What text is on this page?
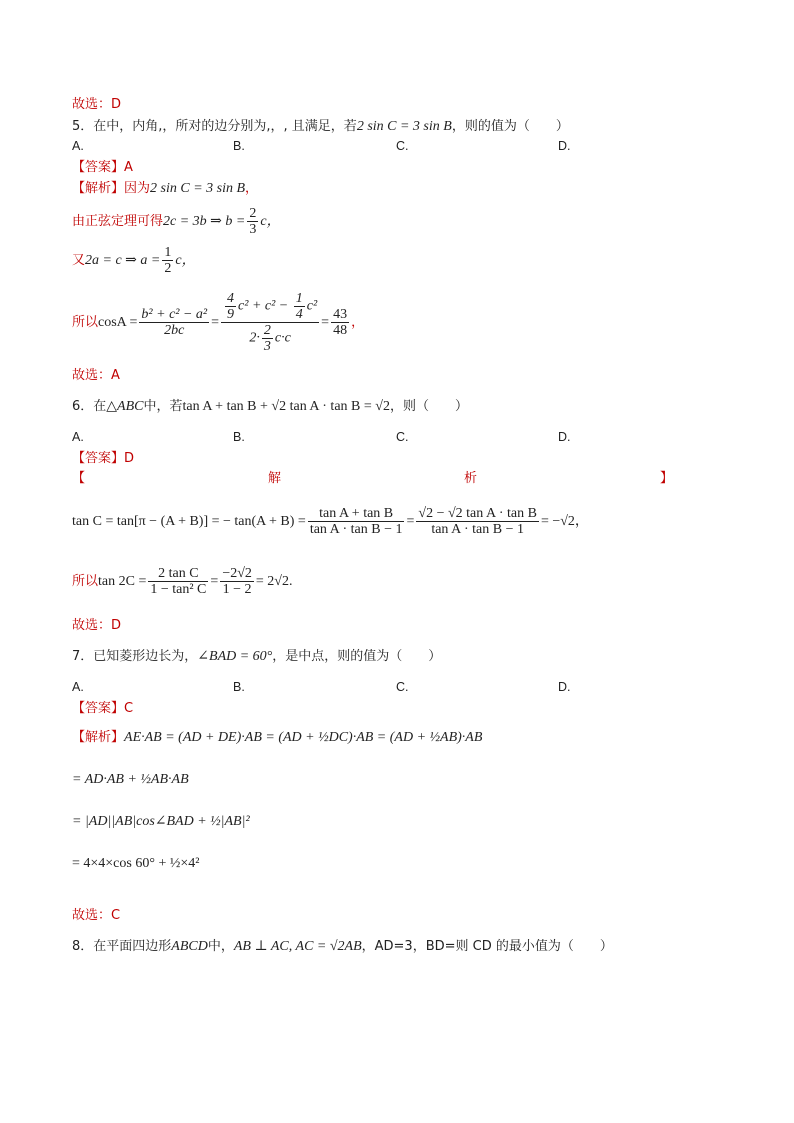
故选：D
5．在中，内角,，所对的边分别为,，, 且满足，若2 sin C = 3 sin B，则的值为（　　）
A.	B.	C.	D.
【答案】A
【解析】因为2 sin C = 3 sin B，
由正弦定理可得2c = 3b ⇒ $b = \frac{2}{3}$ c，
又2a = c ⇒ $a = \frac{1}{2}$ c，
所以$\cos A = \frac{\text{b² + c² − a²}}{2bc} = \frac{\frac{4}{9} c^2 + c^2 - \frac{1}{4} c^2}{2\cdot \frac{2}{3} c\cdot c} = \frac{43}{48}$ ，
故选：A
6．在△ABC中，若tan A + tan B + √2 tan A · tan B = √2，则（　　）
A.	B.	C.	D.
【答案】D
【	解	析	】
tan C = tan[π − (A + B)] = − $\tan(A + B) = \frac{\text{tan A + tan B}}{\text{tan A · tan B − 1}} = \frac{\text{√2 − √2 tan A · tan B}}{\text{tan A · tan B − 1}} = -√2$，
所以$\tan 2C = \frac{\text{2 tan C}}{\text{1 − tan² C}} = \frac{-2√2}{1 - 2} = 2√2$.
故选：D
7．已知菱形边长为，∠BAD = 60°，是中点，则的值为（　　）
A.	B.	C.	D.
【答案】C
【解析】AE·AB = (AD + DE)·AB = (AD + ½DC)·AB = (AD + ½AB)·AB
= AD·AB + ½AB·AB
= |AD||AB|cos∠BAD + ½|AB|²
= 4×4×cos 60° + ½×4²
故选：C
8．在平面四边形ABCD中，AB ⊥ AC, AC = √2AB，AD=3，BD=则 CD 的最小值为（　　）
